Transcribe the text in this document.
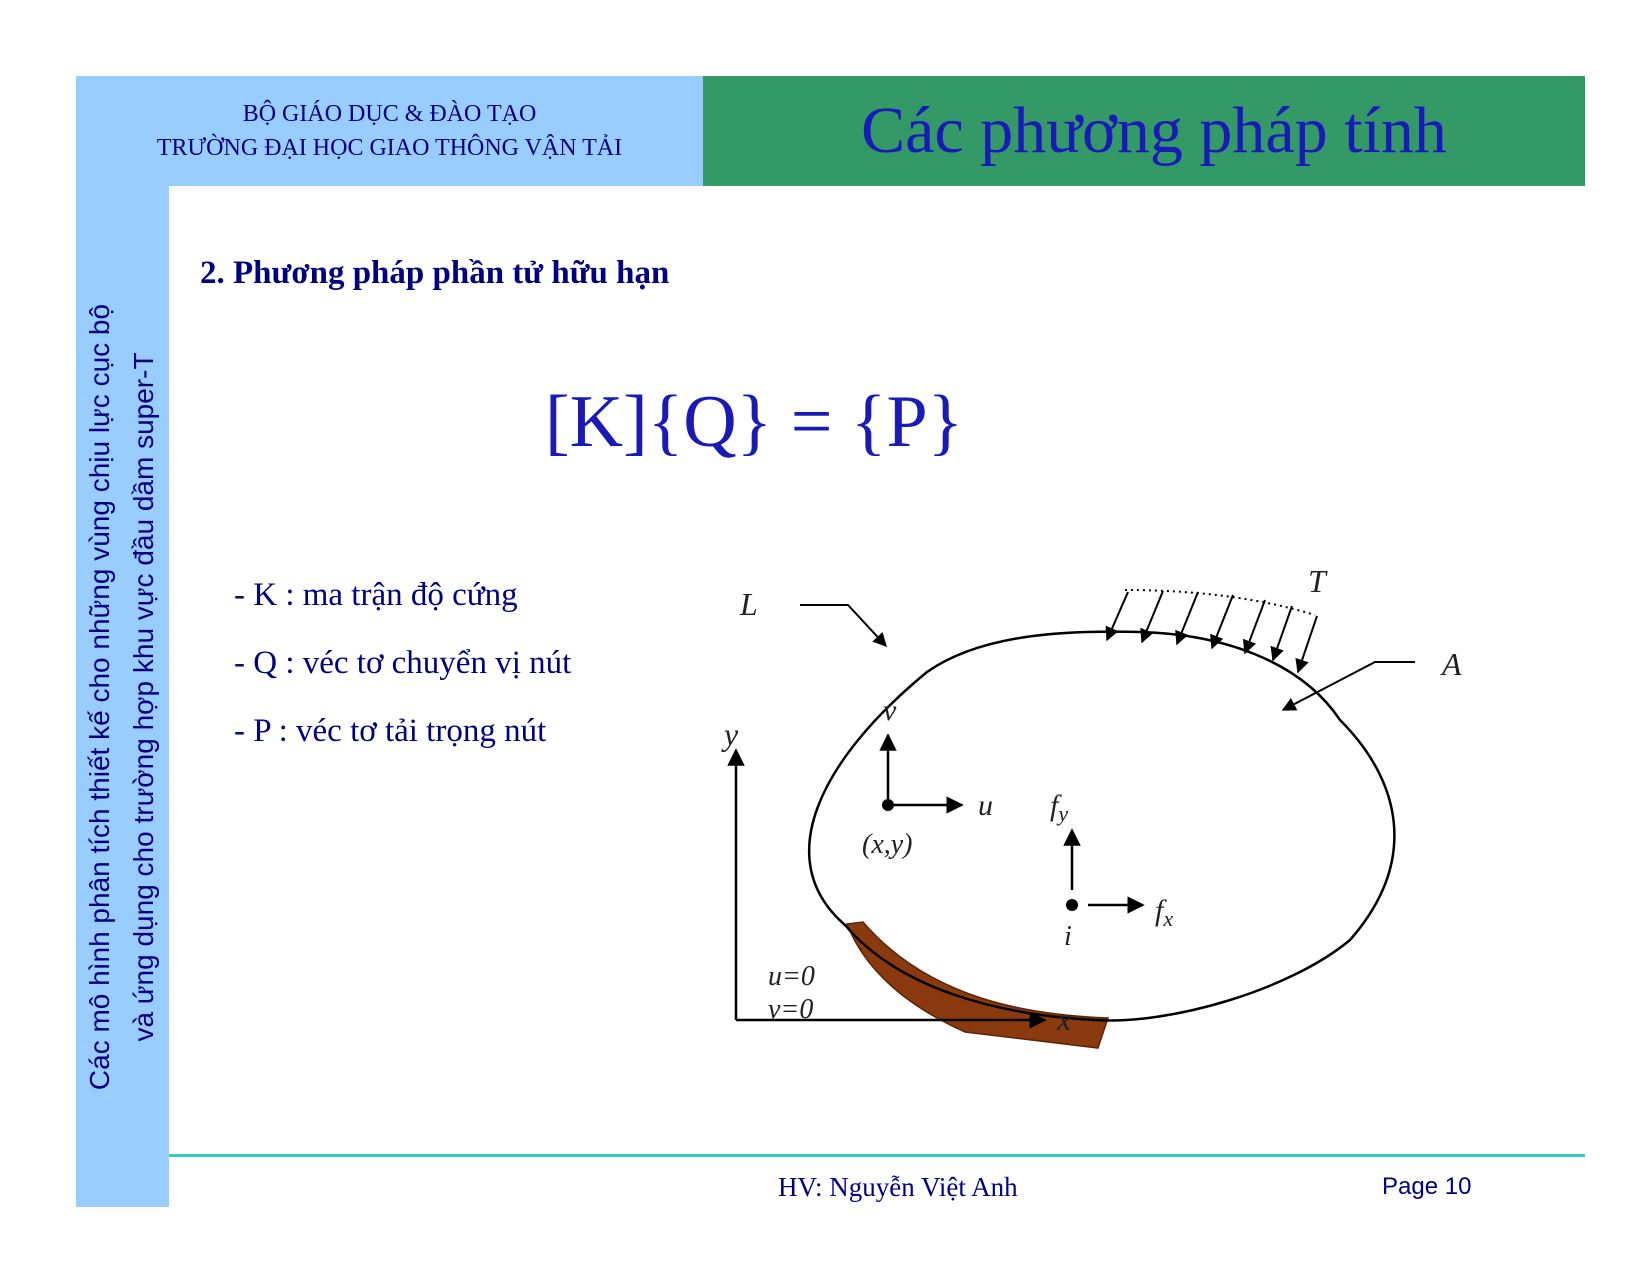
BỘ GIÁO DỤC & ĐÀO TẠO
TRƯỜNG ĐẠI HỌC GIAO THÔNG VẬN TẢI	Các phương pháp tính
Các mô hình phân tích thiết kế cho những vùng chịu lực cục bộ và ứng dụng cho trường hợp khu vực đầu dầm super-T
2. Phương pháp phần tử hữu hạn
[K]{Q} = {P}
- K : ma trận độ cứng
- Q : véc tơ chuyển vị nút
- P : véc tơ tải trọng nút
T
L
A
y
x
v
u
(x,y)
$f_y$
$f_x$
i
u=0
v=0
HV: Nguyễn Việt Anh	Page 10
